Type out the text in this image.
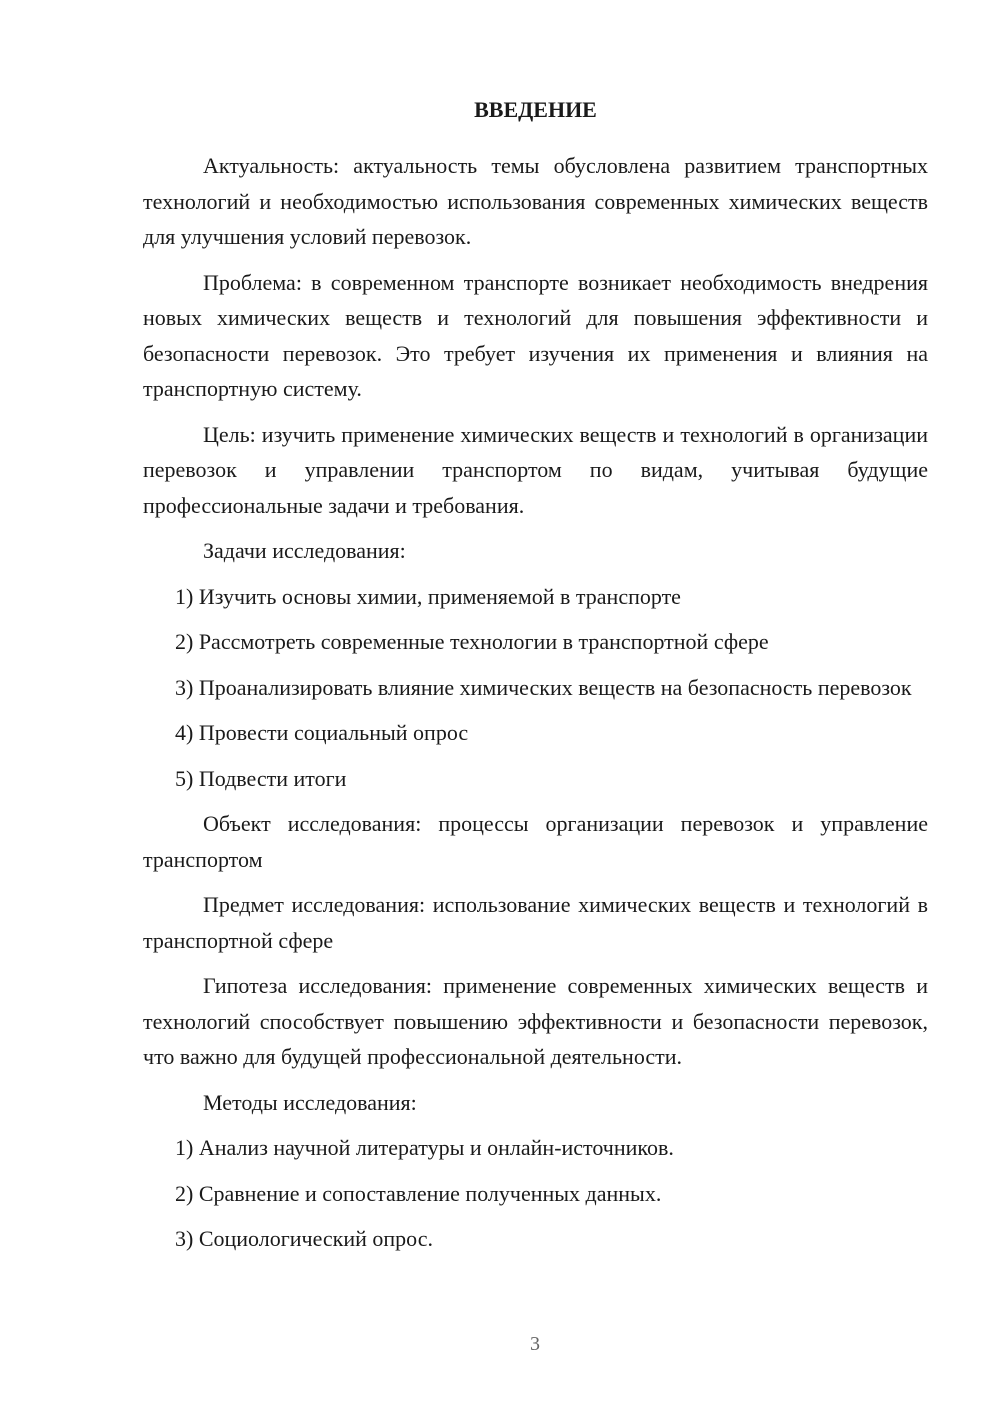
ВВЕДЕНИЕ

Актуальность: актуальность темы обусловлена развитием транспортных технологий и необходимостью использования современных химических веществ для улучшения условий перевозок.

Проблема: в современном транспорте возникает необходимость внедрения новых химических веществ и технологий для повышения эффективности и безопасности перевозок. Это требует изучения их применения и влияния на транспортную систему.

Цель: изучить применение химических веществ и технологий в организации перевозок и управлении транспортом по видам, учитывая будущие профессиональные задачи и требования.

Задачи исследования:

1) Изучить основы химии, применяемой в транспорте

2) Рассмотреть современные технологии в транспортной сфере

3) Проанализировать влияние химических веществ на безопасность перевозок

4) Провести социальный опрос

5) Подвести итоги

Объект исследования: процессы организации перевозок и управление транспортом

Предмет исследования: использование химических веществ и технологий в транспортной сфере

Гипотеза исследования: применение современных химических веществ и технологий способствует повышению эффективности и безопасности перевозок, что важно для будущей профессиональной деятельности.

Методы исследования:

1) Анализ научной литературы и онлайн-источников.

2) Сравнение и сопоставление полученных данных.

3) Социологический опрос.

3
